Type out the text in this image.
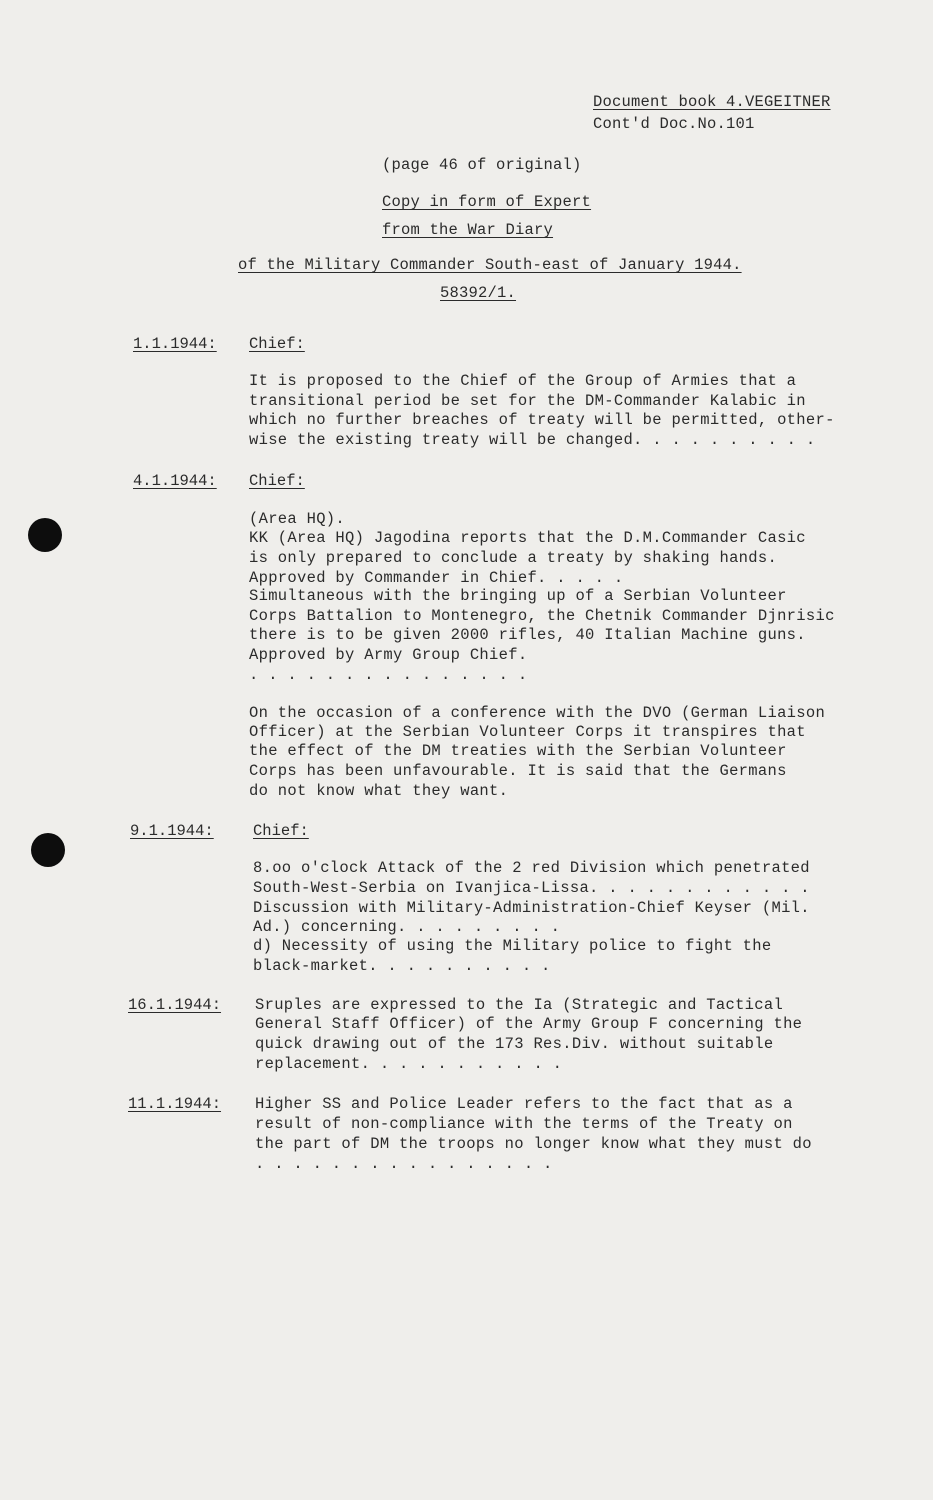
Document book 4.VEGEITNER
Cont'd Doc.No.101
(page 46 of original)
Copy in form of Expert
from the War Diary
of the Military Commander South-east of January 1944.
58392/1.
1.1.1944: Chief:
It is proposed to the Chief of the Group of Armies that a
transitional period be set for the DM-Commander Kalabic in
which no further breaches of treaty will be permitted, other-
wise the existing treaty will be changed. . . . . . . . . .
4.1.1944: Chief:
(Area HQ).
KK (Area HQ) Jagodina reports that the D.M.Commander Casic
is only prepared to conclude a treaty by shaking hands.
Approved by Commander in Chief. . . . .
Simultaneous with the bringing up of a Serbian Volunteer
Corps Battalion to Montenegro, the Chetnik Commander Djnrisic
there is to be given 2000 rifles, 40 Italian Machine guns.
Approved by Army Group Chief.
. . . . . . . . . . . . . . .
On the occasion of a conference with the DVO (German Liaison
Officer) at the Serbian Volunteer Corps it transpires that
the effect of the DM treaties with the Serbian Volunteer
Corps has been unfavourable. It is said that the Germans
do not know what they want.
9.1.1944:	Chief:
8.oo o'clock Attack of the 2 red Division which penetrated
South-West-Serbia on Ivanjica-Lissa. . . . . . . . . . . .
Discussion with Military-Administration-Chief Keyser (Mil.
Ad.) concerning. . . . . . . . .
d) Necessity of using the Military police to fight the
black-market. . . . . . . . . .
16.1.1944: Sruples are expressed to the Ia (Strategic and Tactical
General Staff Officer) of the Army Group F concerning the
quick drawing out of the 173 Res.Div. without suitable
replacement. . . . . . . . . . .
11.1.1944: Higher SS and Police Leader refers to the fact that as a
result of non-compliance with the terms of the Treaty on
the part of DM the troops no longer know what they must do
. . . . . . . . . . . . . . . .
